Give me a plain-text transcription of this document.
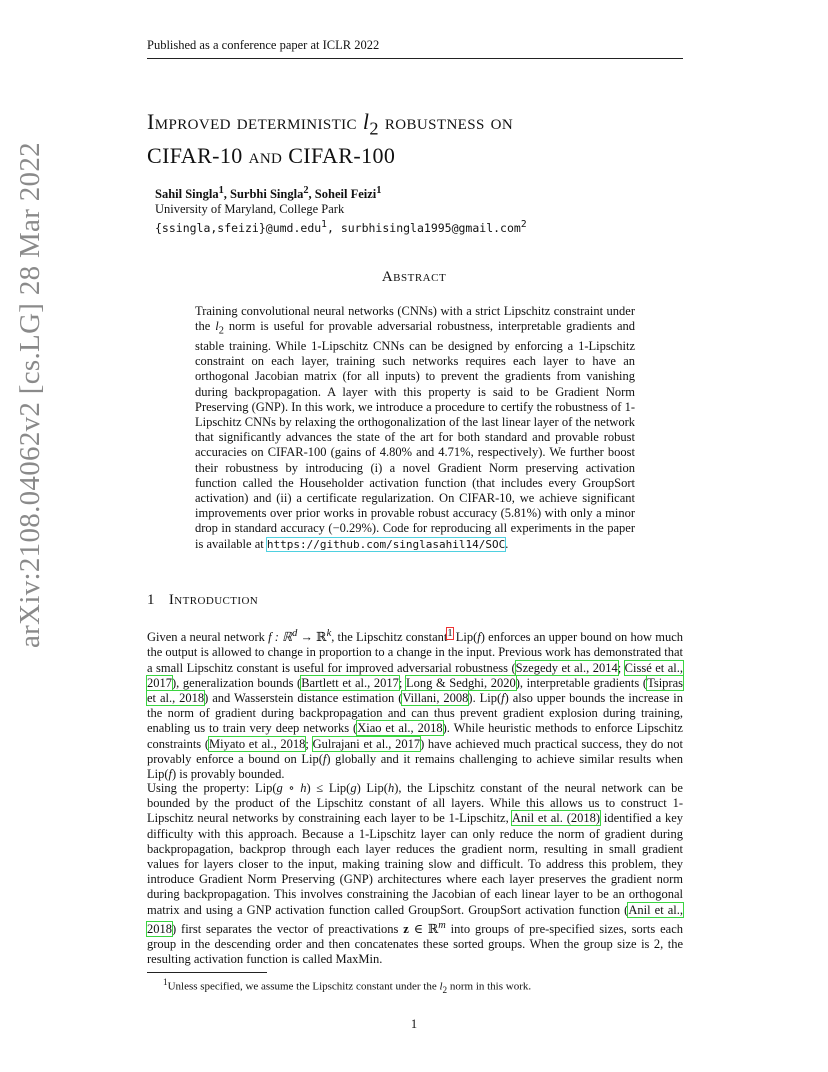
Published as a conference paper at ICLR 2022
arXiv:2108.04062v2 [cs.LG] 28 Mar 2022
Improved deterministic $l_2$ robustness on
CIFAR-10 and CIFAR-100
Sahil Singla$^1$, Surbhi Singla$^2$, Soheil Feizi$^1$
University of Maryland, College Park
{ssingla,sfeizi}@umd.edu$^1$, surbhisingla1995@gmail.com$^2$
Abstract
Training convolutional neural networks (CNNs) with a strict Lipschitz constraint under the $l_2$ norm is useful for provable adversarial robustness, interpretable gradients and stable training. While 1-Lipschitz CNNs can be designed by enforcing a 1-Lipschitz constraint on each layer, training such networks requires each layer to have an orthogonal Jacobian matrix (for all inputs) to prevent the gradients from vanishing during backpropagation. A layer with this property is said to be Gradient Norm Preserving (GNP). In this work, we introduce a procedure to certify the robustness of 1-Lipschitz CNNs by relaxing the orthogonalization of the last linear layer of the network that significantly advances the state of the art for both standard and provable robust accuracies on CIFAR-100 (gains of 4.80% and 4.71%, respectively). We further boost their robustness by introducing (i) a novel Gradient Norm preserving activation function called the Householder activation function (that includes every GroupSort activation) and (ii) a certificate regularization. On CIFAR-10, we achieve significant improvements over prior works in provable robust accuracy (5.81%) with only a minor drop in standard accuracy (−0.29%). Code for reproducing all experiments in the paper is available at https://github.com/singlasahil14/SOC.
1 Introduction
Given a neural network f : ℝ$^d$ → ℝ$^k$, the Lipschitz constant$^1$ Lip(f) enforces an upper bound on how much the output is allowed to change in proportion to a change in the input. Previous work has demonstrated that a small Lipschitz constant is useful for improved adversarial robustness (Szegedy et al., 2014; Cissé et al., 2017), generalization bounds (Bartlett et al., 2017; Long & Sedghi, 2020), interpretable gradients (Tsipras et al., 2018) and Wasserstein distance estimation (Villani, 2008). Lip(f) also upper bounds the increase in the norm of gradient during backpropagation and can thus prevent gradient explosion during training, enabling us to train very deep networks (Xiao et al., 2018). While heuristic methods to enforce Lipschitz constraints (Miyato et al., 2018; Gulrajani et al., 2017) have achieved much practical success, they do not provably enforce a bound on Lip(f) globally and it remains challenging to achieve similar results when Lip(f) is provably bounded.
Using the property: Lip(g ∘ h) ≤ Lip(g) Lip(h), the Lipschitz constant of the neural network can be bounded by the product of the Lipschitz constant of all layers. While this allows us to construct 1-Lipschitz neural networks by constraining each layer to be 1-Lipschitz, Anil et al. (2018) identified a key difficulty with this approach. Because a 1-Lipschitz layer can only reduce the norm of gradient during backpropagation, backprop through each layer reduces the gradient norm, resulting in small gradient values for layers closer to the input, making training slow and difficult. To address this problem, they introduce Gradient Norm Preserving (GNP) architectures where each layer preserves the gradient norm during backpropagation. This involves constraining the Jacobian of each linear layer to be an orthogonal matrix and using a GNP activation function called GroupSort. GroupSort activation function (Anil et al., 2018) first separates the vector of preactivations z ∈ ℝ$^m$ into groups of pre-specified sizes, sorts each group in the descending order and then concatenates these sorted groups. When the group size is 2, the resulting activation function is called MaxMin.
$^1$Unless specified, we assume the Lipschitz constant under the $l_2$ norm in this work.
1
